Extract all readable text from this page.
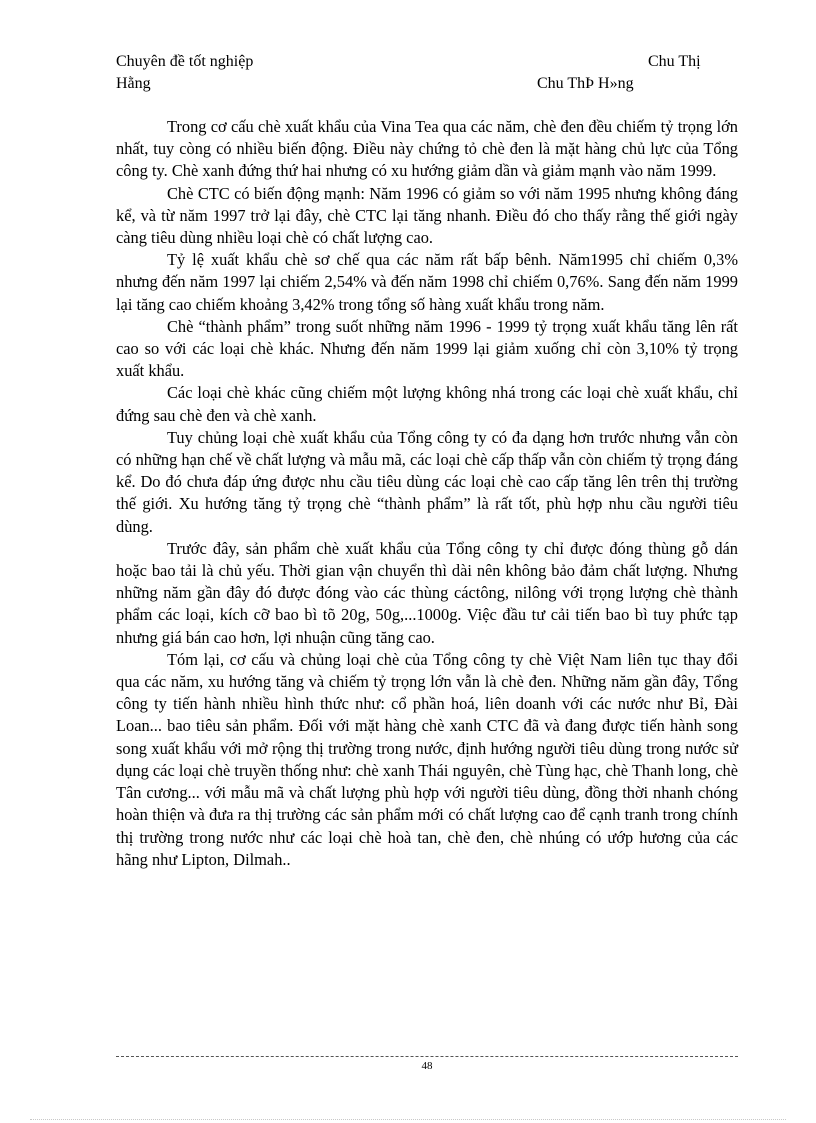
Chuyên đề tốt nghiệp	Chu Thị
Hằng	Chu ThÞ H»ng

Trong cơ cấu chè xuất khẩu của Vina Tea qua các năm, chè đen đều chiếm tỷ trọng lớn nhất, tuy còng có nhiều biến động. Điều này chứng tỏ chè đen là mặt hàng chủ lực của Tổng công ty. Chè xanh đứng thứ hai nhưng có xu hướng giảm dần và giảm mạnh vào năm 1999.

Chè CTC có biến động mạnh: Năm 1996 có giảm so với năm 1995 nhưng không đáng kể, và từ năm 1997 trở lại đây, chè CTC lại tăng nhanh. Điều đó cho thấy rằng thế giới ngày càng tiêu dùng nhiều loại chè có chất lượng cao.

Tỷ lệ xuất khẩu chè sơ chế qua các năm rất bấp bênh. Năm1995 chỉ chiếm 0,3% nhưng đến năm 1997 lại chiếm 2,54% và đến năm 1998 chỉ chiếm 0,76%. Sang đến năm 1999 lại tăng cao chiếm khoảng 3,42% trong tổng số hàng xuất khẩu trong năm.

Chè “thành phẩm” trong suốt những năm 1996 - 1999 tỷ trọng xuất khẩu tăng lên rất cao so với các loại chè khác. Nhưng đến năm 1999 lại giảm xuống chỉ còn 3,10% tỷ trọng xuất khẩu.

Các loại chè khác cũng chiếm một lượng không nhá trong các loại chè xuất khẩu, chỉ đứng sau chè đen và chè xanh.

Tuy chủng loại chè xuất khẩu của Tổng công ty có đa dạng hơn trước nhưng vẫn còn có những hạn chế về chất lượng và mẫu mã, các loại chè cấp thấp vẫn còn chiếm tỷ trọng đáng kể. Do đó chưa đáp ứng được nhu cầu tiêu dùng các loại chè cao cấp tăng lên trên thị trường thế giới. Xu hướng tăng tỷ trọng chè “thành phẩm” là rất tốt, phù hợp nhu cầu người tiêu dùng.

Trước đây, sản phẩm chè xuất khẩu của Tổng công ty chỉ được đóng thùng gỗ dán hoặc bao tải là chủ yếu. Thời gian vận chuyển thì dài nên không bảo đảm chất lượng. Nhưng những năm gần đây đó được đóng vào các thùng cáctông, nilông với trọng lượng chè thành phẩm các loại, kích cỡ bao bì tõ 20g, 50g,...1000g. Việc đầu tư cải tiến bao bì tuy phức tạp nhưng giá bán cao hơn, lợi nhuận cũng tăng cao.

Tóm lại, cơ cấu và chủng loại chè của Tổng công ty chè Việt Nam liên tục thay đổi qua các năm, xu hướng tăng và chiếm tỷ trọng lớn vẫn là chè đen. Những năm gần đây, Tổng công ty tiến hành nhiều hình thức như: cổ phần hoá, liên doanh với các nước như Bỉ, Đài Loan... bao tiêu sản phẩm. Đối với mặt hàng chè xanh CTC đã và đang được tiến hành song song xuất khẩu với mở rộng thị trường trong nước, định hướng người tiêu dùng trong nước sử dụng các loại chè truyền thống như: chè xanh Thái nguyên, chè Tùng hạc, chè Thanh long, chè Tân cương... với mẫu mã và chất lượng phù hợp với người tiêu dùng, đồng thời nhanh chóng hoàn thiện và đưa ra thị trường các sản phẩm mới có chất lượng cao để cạnh tranh trong chính thị trường trong nước như các loại chè hoà tan, chè đen, chè nhúng có ướp hương của các hãng như Lipton, Dilmah..

48
